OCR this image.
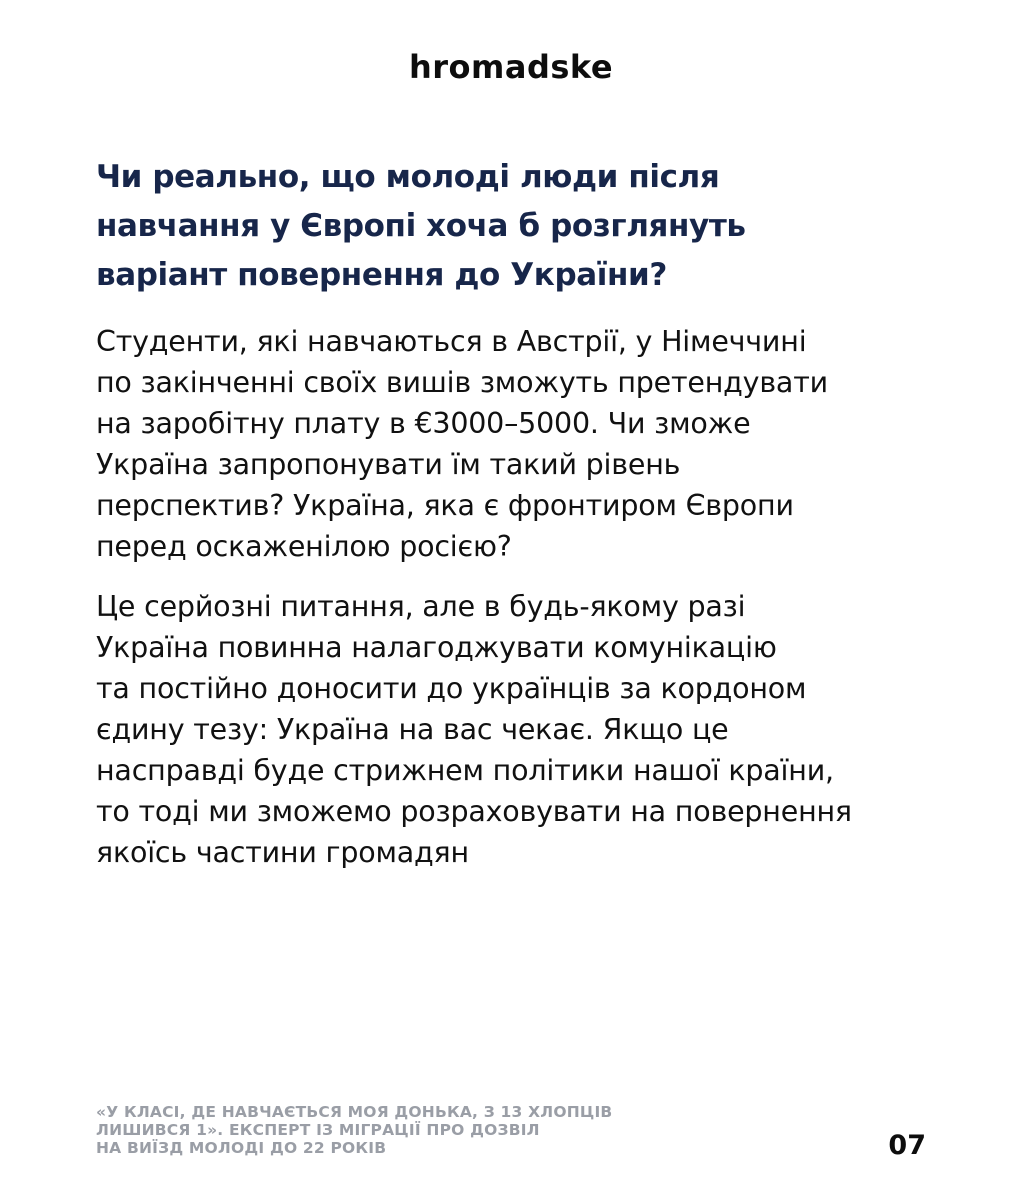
hromadske
Чи реально, що молоді люди після
навчання у Європі хоча б розглянуть
варіант повернення до України?

Студенти, які навчаються в Австрії, у Німеччині
по закінченні своїх вишів зможуть претендувати
на заробітну плату в €3000–5000. Чи зможе
Україна запропонувати їм такий рівень
перспектив? Україна, яка є фронтиром Європи
перед оскаженілою росією?

Це серйозні питання, але в будь-якому разі
Україна повинна налагоджувати комунікацію
та постійно доносити до українців за кордоном
єдину тезу: Україна на вас чекає. Якщо це
насправді буде стрижнем політики нашої країни,
то тоді ми зможемо розраховувати на повернення
якоїсь частини громадян

«У КЛАСІ, ДЕ НАВЧАЄТЬСЯ МОЯ ДОНЬКА, З 13 ХЛОПЦІВ
ЛИШИВСЯ 1». ЕКСПЕРТ ІЗ МІГРАЦІЇ ПРО ДОЗВІЛ
НА ВИЇЗД МОЛОДІ ДО 22 РОКІВ	07
